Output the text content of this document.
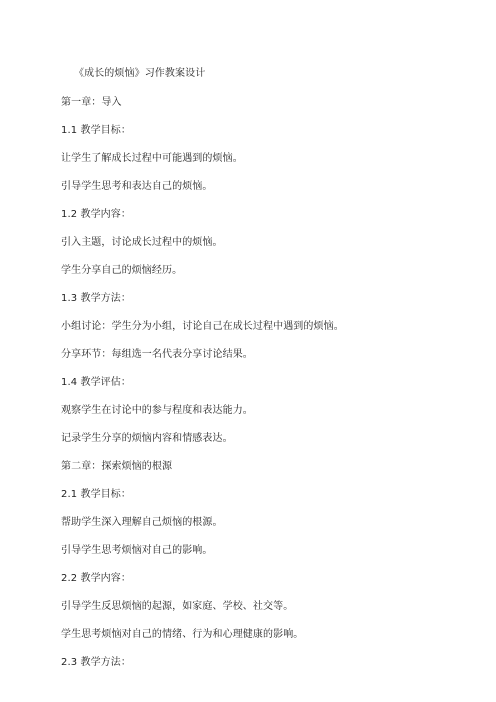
《成长的烦恼》习作教案设计
第一章：导入
1.1 教学目标：
让学生了解成长过程中可能遇到的烦恼。
引导学生思考和表达自己的烦恼。
1.2 教学内容：
引入主题，讨论成长过程中的烦恼。
学生分享自己的烦恼经历。
1.3 教学方法：
小组讨论：学生分为小组，讨论自己在成长过程中遇到的烦恼。
分享环节：每组选一名代表分享讨论结果。
1.4 教学评估：
观察学生在讨论中的参与程度和表达能力。
记录学生分享的烦恼内容和情感表达。
第二章：探索烦恼的根源
2.1 教学目标：
帮助学生深入理解自己烦恼的根源。
引导学生思考烦恼对自己的影响。
2.2 教学内容：
引导学生反思烦恼的起源，如家庭、学校、社交等。
学生思考烦恼对自己的情绪、行为和心理健康的影响。
2.3 教学方法：
